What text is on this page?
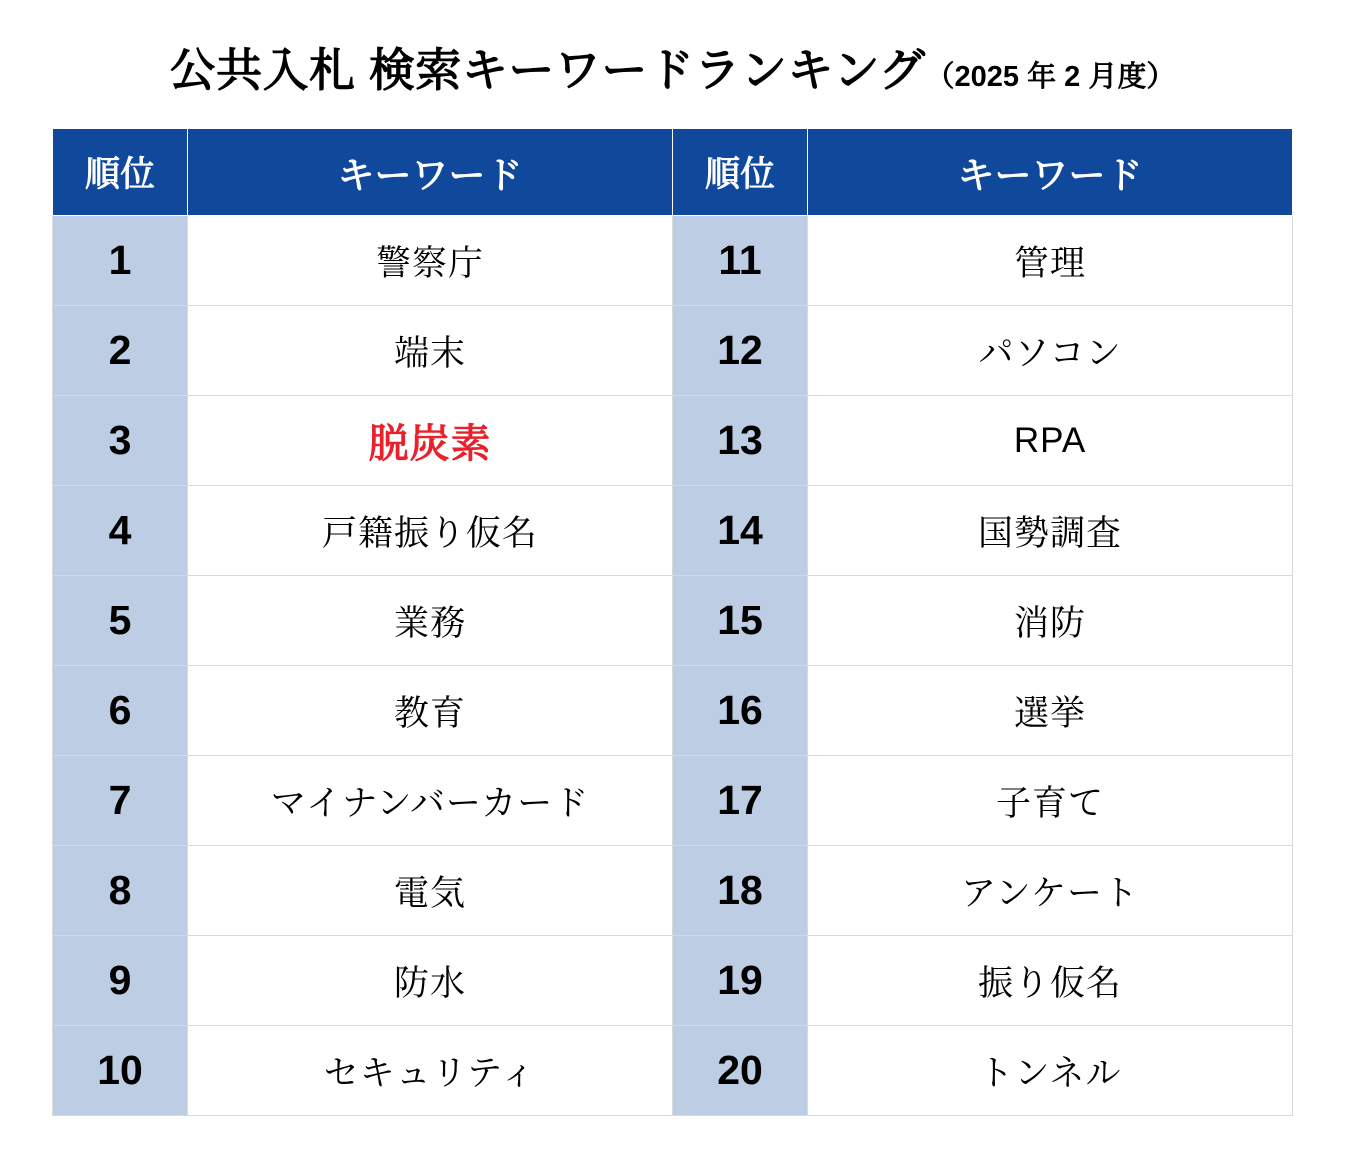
公共入札 検索キーワードランキング（2025 年 2 月度）
順位	キーワード	順位	キーワード
1	警察庁	11	管理
2	端末	12	パソコン
3	脱炭素	13	RPA
4	戸籍振り仮名	14	国勢調査
5	業務	15	消防
6	教育	16	選挙
7	マイナンバーカード	17	子育て
8	電気	18	アンケート
9	防水	19	振り仮名
10	セキュリティ	20	トンネル
